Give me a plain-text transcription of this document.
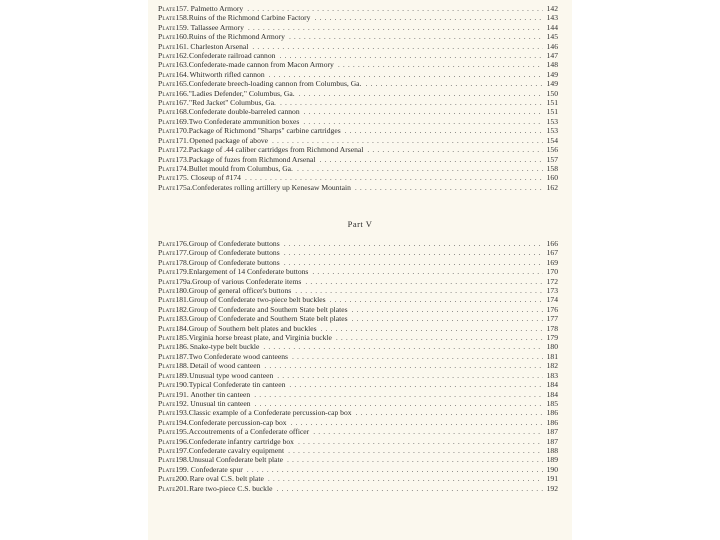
Plate 157. Palmetto Armory . . .	142
Plate 158. Ruins of the Richmond Carbine Factory . . .	143
Plate 159. Tallassee Armory . . .	144
Plate 160. Ruins of the Richmond Armory . . .	145
Plate 161. Charleston Arsenal . . .	146
Plate 162. Confederate railroad cannon . . .	147
Plate 163. Confederate-made cannon from Macon Armory . . .	148
Plate 164. Whitworth rifled cannon . . .	149
Plate 165. Confederate breech-loading cannon from Columbus, Ga. . . .	149
Plate 166. "Ladies Defender," Columbus, Ga. . . .	150
Plate 167. "Red Jacket" Columbus, Ga. . . .	151
Plate 168. Confederate double-barreled cannon . . .	151
Plate 169. Two Confederate ammunition boxes . . .	153
Plate 170. Package of Richmond "Sharps" carbine cartridges . . .	153
Plate 171. Opened package of above . . .	154
Plate 172. Package of .44 caliber cartridges from Richmond Arsenal . . .	156
Plate 173. Package of fuzes from Richmond Arsenal . . .	157
Plate 174. Bullet mould from Columbus, Ga. . . .	158
Plate 175. Closeup of #174 . . .	160
Plate 175a. Confederates rolling artillery up Kenesaw Mountain . . .	162
Part V
Plate 176. Group of Confederate buttons . . .	166
Plate 177. Group of Confederate buttons . . .	167
Plate 178. Group of Confederate buttons . . .	169
Plate 179. Enlargement of 14 Confederate buttons . . .	170
Plate 179a. Group of various Confederate items . . .	172
Plate 180. Group of general officer's buttons . . .	173
Plate 181. Group of Confederate two-piece belt buckles . . .	174
Plate 182. Group of Confederate and Southern State belt plates . . .	176
Plate 183. Group of Confederate and Southern State belt plates . . .	177
Plate 184. Group of Southern belt plates and buckles . . .	178
Plate 185. Virginia horse breast plate, and Virginia buckle . . .	179
Plate 186. Snake-type belt buckle . . .	180
Plate 187. Two Confederate wood canteens . . .	181
Plate 188. Detail of wood canteen . . .	182
Plate 189. Unusual type wood canteen . . .	183
Plate 190. Typical Confederate tin canteen . . .	184
Plate 191. Another tin canteen . . .	184
Plate 192. Unusual tin canteen . . .	185
Plate 193. Classic example of a Confederate percussion-cap box . . .	186
Plate 194. Confederate percussion-cap box . . .	186
Plate 195. Accoutrements of a Confederate officer . . .	187
Plate 196. Confederate infantry cartridge box . . .	187
Plate 197. Confederate cavalry equipment . . .	188
Plate 198. Unusual Confederate belt plate . . .	189
Plate 199. Confederate spur . . .	190
Plate 200. Rare oval C.S. belt plate . . .	191
Plate 201. Rare two-piece C.S. buckle . . .	192
